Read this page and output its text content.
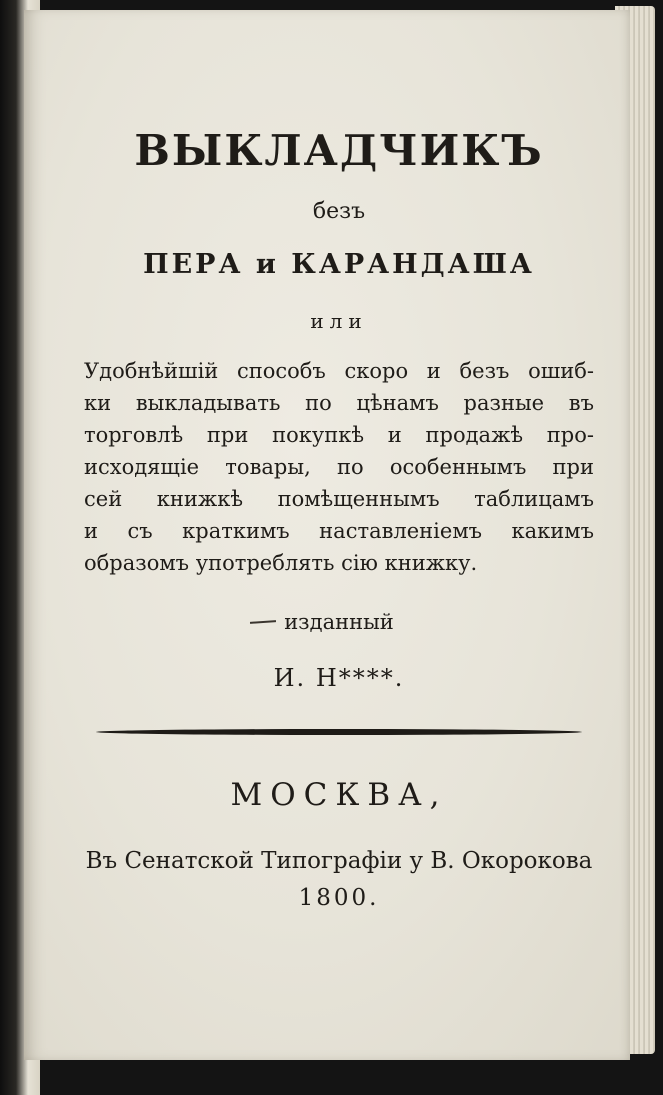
ВЫКЛАДЧИКЪ

безъ

ПЕРА и КАРАНДАША

или

Удобнѣйшій способъ скоро и безъ ошиб-
ки выкладывать по цѣнамъ разные въ
торговлѣ при покупкѣ и продажѣ про-
исходящіе товары, по особеннымъ при
сей книжкѣ помѣщеннымъ таблицамъ
и съ краткимъ наставленіемъ какимъ
образомъ употреблять сію книжку.

изданный

И. Н****.

МОСКВА,

Въ Сенатской Типографіи у В. Окорокова

1800.
